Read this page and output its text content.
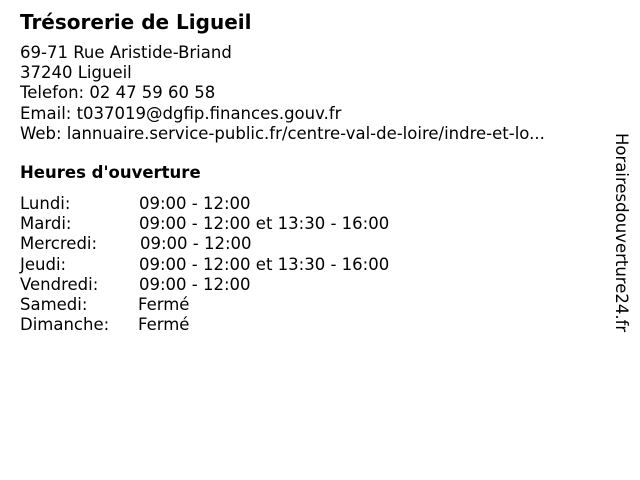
Trésorerie de Ligueil
69-71 Rue Aristide-Briand
37240 Ligueil
Telefon: 02 47 59 60 58
Email: t037019@dgfip.finances.gouv.fr
Web: lannuaire.service-public.fr/centre-val-de-loire/indre-et-lo...
Heures d'ouverture
Lundi:	09:00 - 12:00
Mardi:	09:00 - 12:00 et 13:30 - 16:00
Mercredi:	09:00 - 12:00
Jeudi:	09:00 - 12:00 et 13:30 - 16:00
Vendredi: 09:00 - 12:00
Samedi:	Fermé
Dimanche: Fermé	Horairesdouverture24.fr
